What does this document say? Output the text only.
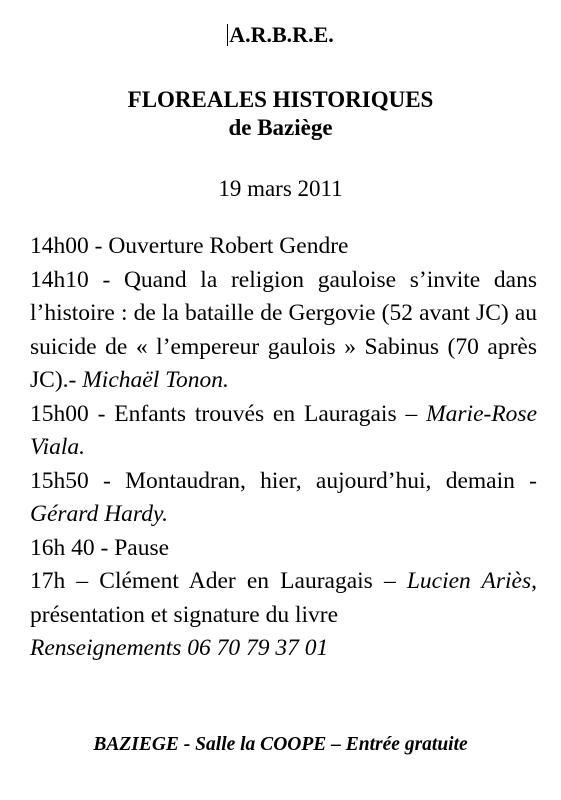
A.R.B.R.E.
FLOREALES HISTORIQUES
de Baziège
19 mars 2011

14h00 - Ouverture Robert Gendre

14h10 - Quand la religion gauloise s’invite dans l’histoire : de la bataille de Gergovie (52 avant JC) au suicide de « l’empereur gaulois » Sabinus (70 après JC).- Michaël Tonon.

15h00 - Enfants trouvés en Lauragais – Marie-Rose Viala.

15h50 - Montaudran, hier, aujourd’hui, demain - Gérard Hardy.

16h 40 - Pause

17h – Clément Ader en Lauragais – Lucien Ariès, présentation et signature du livre

Renseignements 06 70 79 37 01

BAZIEGE - Salle la COOPE – Entrée gratuite
